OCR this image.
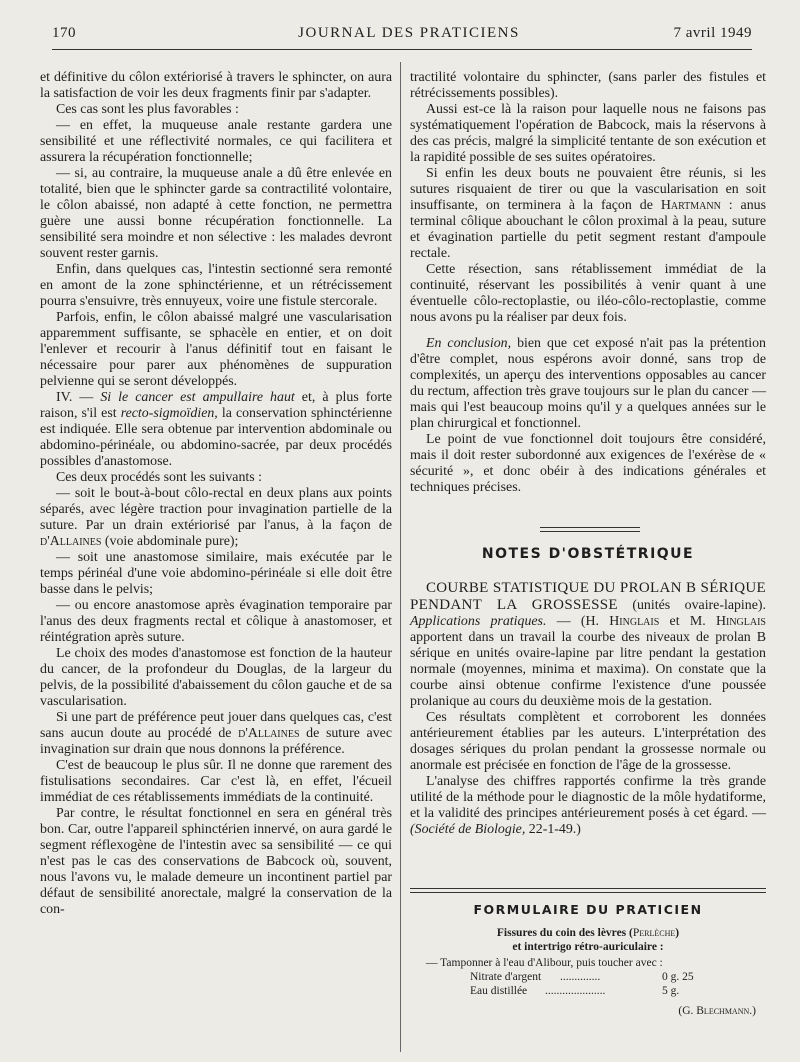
170	JOURNAL DES PRATICIENS	7 avril 1949

et définitive du côlon extériorisé à travers le sphincter, on aura la satisfaction de voir les deux fragments finir par s'adapter.

Ces cas sont les plus favorables :

— en effet, la muqueuse anale restante gardera une sensibilité et une réflectivité normales, ce qui facilitera et assurera la récupération fonctionnelle;

— si, au contraire, la muqueuse anale a dû être enlevée en totalité, bien que le sphincter garde sa contractilité volontaire, le côlon abaissé, non adapté à cette fonction, ne permettra guère une aussi bonne récupération fonctionnelle. La sensibilité sera moindre et non sélective : les malades devront souvent rester garnis.

Enfin, dans quelques cas, l'intestin sectionné sera remonté en amont de la zone sphinctérienne, et un rétrécissement pourra s'ensuivre, très ennuyeux, voire une fistule stercorale.

Parfois, enfin, le côlon abaissé malgré une vascularisation apparemment suffisante, se sphacèle en entier, et on doit l'enlever et recourir à l'anus définitif tout en faisant le nécessaire pour parer aux phénomènes de suppuration pelvienne qui se seront développés.

IV. — Si le cancer est ampullaire haut et, à plus forte raison, s'il est recto-sigmoïdien, la conservation sphinctérienne est indiquée. Elle sera obtenue par intervention abdominale ou abdomino-périnéale, ou abdomino-sacrée, par deux procédés possibles d'anastomose.

Ces deux procédés sont les suivants :

— soit le bout-à-bout côlo-rectal en deux plans aux points séparés, avec légère traction pour invagination partielle de la suture. Par un drain extériorisé par l'anus, à la façon de d'Allaines (voie abdominale pure);

— soit une anastomose similaire, mais exécutée par le temps périnéal d'une voie abdomino-périnéale si elle doit être basse dans le pelvis;

— ou encore anastomose après évagination temporaire par l'anus des deux fragments rectal et côlique à anastomoser, et réintégration après suture.

Le choix des modes d'anastomose est fonction de la hauteur du cancer, de la profondeur du Douglas, de la largeur du pelvis, de la possibilité d'abaissement du côlon gauche et de sa vascularisation.

Si une part de préférence peut jouer dans quelques cas, c'est sans aucun doute au procédé de d'Allaines de suture avec invagination sur drain que nous donnons la préférence.

C'est de beaucoup le plus sûr. Il ne donne que rarement des fistulisations secondaires. Car c'est là, en effet, l'écueil immédiat de ces rétablissements immédiats de la continuité.

Par contre, le résultat fonctionnel en sera en général très bon. Car, outre l'appareil sphinctérien innervé, on aura gardé le segment réflexogène de l'intestin avec sa sensibilité — ce qui n'est pas le cas des conservations de Babcock où, souvent, nous l'avons vu, le malade demeure un incontinent partiel par défaut de sensibilité anorectale, malgré la conservation de la con-

tractilité volontaire du sphincter, (sans parler des fistules et rétrécissements possibles).

Aussi est-ce là la raison pour laquelle nous ne faisons pas systématiquement l'opération de Babcock, mais la réservons à des cas précis, malgré la simplicité tentante de son exécution et la rapidité possible de ses suites opératoires.

Si enfin les deux bouts ne pouvaient être réunis, si les sutures risquaient de tirer ou que la vascularisation en soit insuffisante, on terminera à la façon de Hartmann : anus terminal côlique abouchant le côlon proximal à la peau, suture et évagination partielle du petit segment restant d'ampoule rectale.

Cette résection, sans rétablissement immédiat de la continuité, réservant les possibilités à venir quant à une éventuelle côlo-rectoplastie, ou iléo-côlo-rectoplastie, comme nous avons pu la réaliser par deux fois.

En conclusion, bien que cet exposé n'ait pas la prétention d'être complet, nous espérons avoir donné, sans trop de complexités, un aperçu des interventions opposables au cancer du rectum, affection très grave toujours sur le plan du cancer — mais qui l'est beaucoup moins qu'il y a quelques années sur le plan chirurgical et fonctionnel.

Le point de vue fonctionnel doit toujours être considéré, mais il doit rester subordonné aux exigences de l'exérèse de « sécurité », et donc obéir à des indications générales et techniques précises.

NOTES D'OBSTÉTRIQUE

COURBE STATISTIQUE DU PROLAN B SÉRIQUE PENDANT LA GROSSESSE (unités ovaire-lapine). Applications pratiques. — (H. Hinglais et M. Hinglais apportent dans un travail la courbe des niveaux de prolan B sérique en unités ovaire-lapine par litre pendant la gestation normale (moyennes, minima et maxima). On constate que la courbe ainsi obtenue confirme l'existence d'une poussée prolanique au cours du deuxième mois de la gestation.

Ces résultats complètent et corroborent les données antérieurement établies par les auteurs. L'interprétation des dosages sériques du prolan pendant la grossesse normale ou anormale est précisée en fonction de l'âge de la grossesse.

L'analyse des chiffres rapportés confirme la très grande utilité de la méthode pour le diagnostic de la môle hydatiforme, et la validité des principes antérieurement posés à cet égard. — (Société de Biologie, 22-1-49.)

FORMULAIRE DU PRATICIEN
Fissures du coin des lèvres (Perlèche)
et intertrigo rétro-auriculaire :
— Tamponner à l'eau d'Alibour, puis toucher avec :
Nitrate d'argent ..............	0 g. 25
Eau distillée .....................	5 g.
(G. Blechmann.)
